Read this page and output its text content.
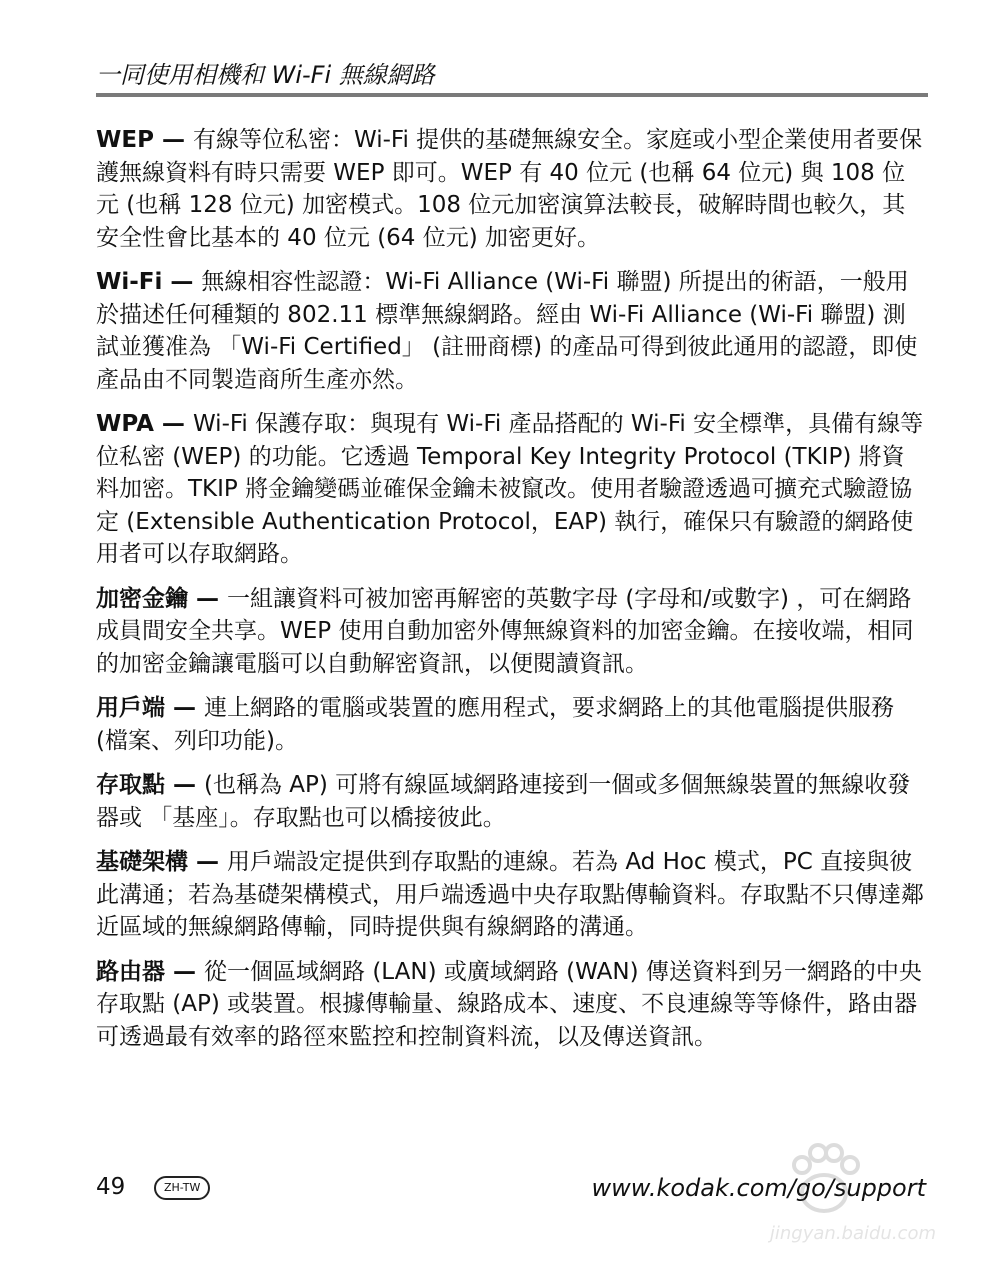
一同使用相機和 Wi-Fi 無線網路

WEP — 有線等位私密：Wi-Fi 提供的基礎無線安全。家庭或小型企業使用者要保護無線資料有時只需要 WEP 即可。WEP 有 40 位元 (也稱 64 位元) 與 108 位元 (也稱 128 位元) 加密模式。108 位元加密演算法較長，破解時間也較久，其安全性會比基本的 40 位元 (64 位元) 加密更好。

Wi-Fi — 無線相容性認證：Wi-Fi Alliance (Wi-Fi 聯盟) 所提出的術語，一般用於描述任何種類的 802.11 標準無線網路。經由 Wi-Fi Alliance (Wi-Fi 聯盟) 測試並獲准為 「Wi-Fi Certified」 (註冊商標) 的產品可得到彼此通用的認證，即使產品由不同製造商所生產亦然。

WPA — Wi-Fi 保護存取：與現有 Wi-Fi 產品搭配的 Wi-Fi 安全標準，具備有線等位私密 (WEP) 的功能。它透過 Temporal Key Integrity Protocol (TKIP) 將資料加密。TKIP 將金鑰變碼並確保金鑰未被竄改。使用者驗證透過可擴充式驗證協定 (Extensible Authentication Protocol，EAP) 執行，確保只有驗證的網路使用者可以存取網路。

加密金鑰 — 一組讓資料可被加密再解密的英數字母 (字母和/或數字) ，可在網路成員間安全共享。WEP 使用自動加密外傳無線資料的加密金鑰。在接收端，相同的加密金鑰讓電腦可以自動解密資訊，以便閱讀資訊。

用戶端 — 連上網路的電腦或裝置的應用程式，要求網路上的其他電腦提供服務 (檔案、列印功能)。

存取點 — (也稱為 AP) 可將有線區域網路連接到一個或多個無線裝置的無線收發器或 「基座」。存取點也可以橋接彼此。

基礎架構 — 用戶端設定提供到存取點的連線。若為 Ad Hoc 模式，PC 直接與彼此溝通；若為基礎架構模式，用戶端透過中央存取點傳輸資料。存取點不只傳達鄰近區域的無線網路傳輸，同時提供與有線網路的溝通。

路由器 — 從一個區域網路 (LAN) 或廣域網路 (WAN) 傳送資料到另一網路的中央存取點 (AP) 或裝置。根據傳輸量、線路成本、速度、不良連線等等條件，路由器可透過最有效率的路徑來監控和控制資料流，以及傳送資訊。

49	ZH-TW	www.kodak.com/go/support
jingyan.baidu.com
